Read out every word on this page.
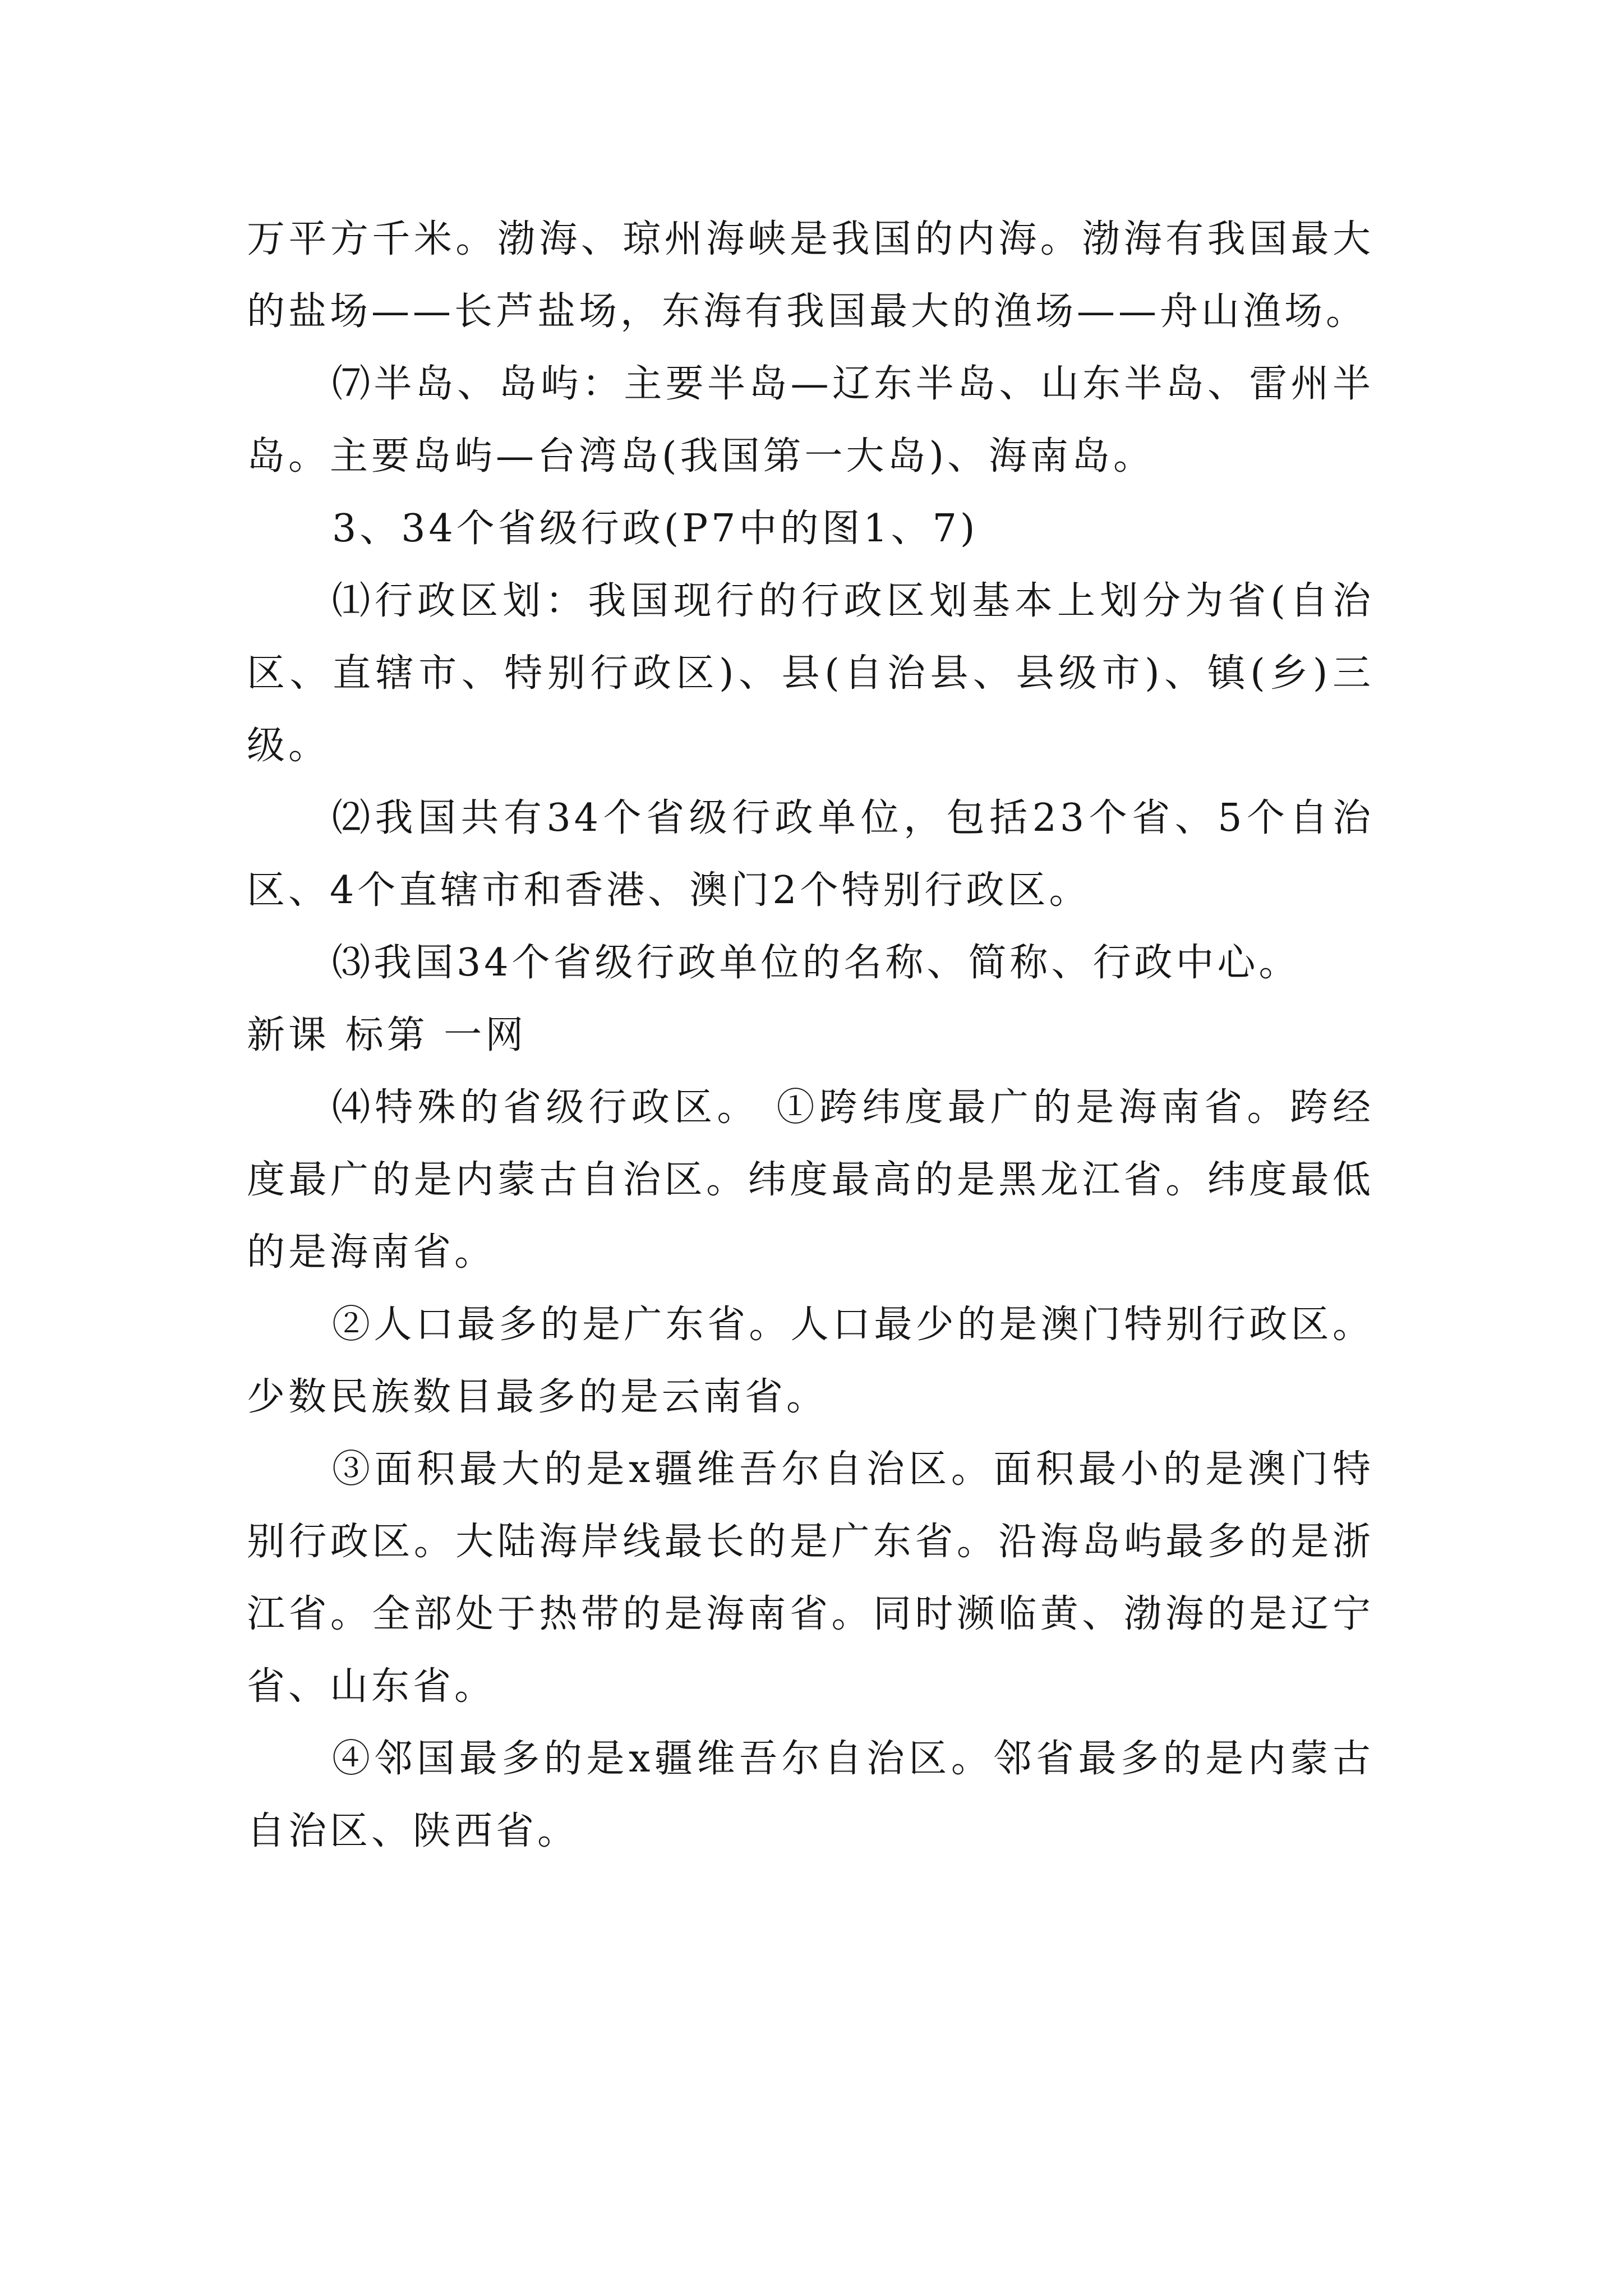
万平方千米。渤海、琼州海峡是我国的内海。渤海有我国最大的盐场——长芦盐场，东海有我国最大的渔场——舟山渔场。

⑺半岛、岛屿：主要半岛—辽东半岛、山东半岛、雷州半岛。主要岛屿—台湾岛(我国第一大岛)、海南岛。

3、34个省级行政(P7中的图1、7)

⑴行政区划：我国现行的行政区划基本上划分为省(自治区、直辖市、特别行政区)、县(自治县、县级市)、镇(乡)三级。

⑵我国共有34个省级行政单位，包括23个省、5个自治区、4个直辖市和香港、澳门2个特别行政区。

⑶我国34个省级行政单位的名称、简称、行政中心。

新课 标第 一网

⑷特殊的省级行政区。 ①跨纬度最广的是海南省。跨经度最广的是内蒙古自治区。纬度最高的是黑龙江省。纬度最低的是海南省。

②人口最多的是广东省。人口最少的是澳门特别行政区。少数民族数目最多的是云南省。

③面积最大的是x疆维吾尔自治区。面积最小的是澳门特别行政区。大陆海岸线最长的是广东省。沿海岛屿最多的是浙江省。全部处于热带的是海南省。同时濒临黄、渤海的是辽宁省、山东省。

④邻国最多的是x疆维吾尔自治区。邻省最多的是内蒙古自治区、陕西省。
